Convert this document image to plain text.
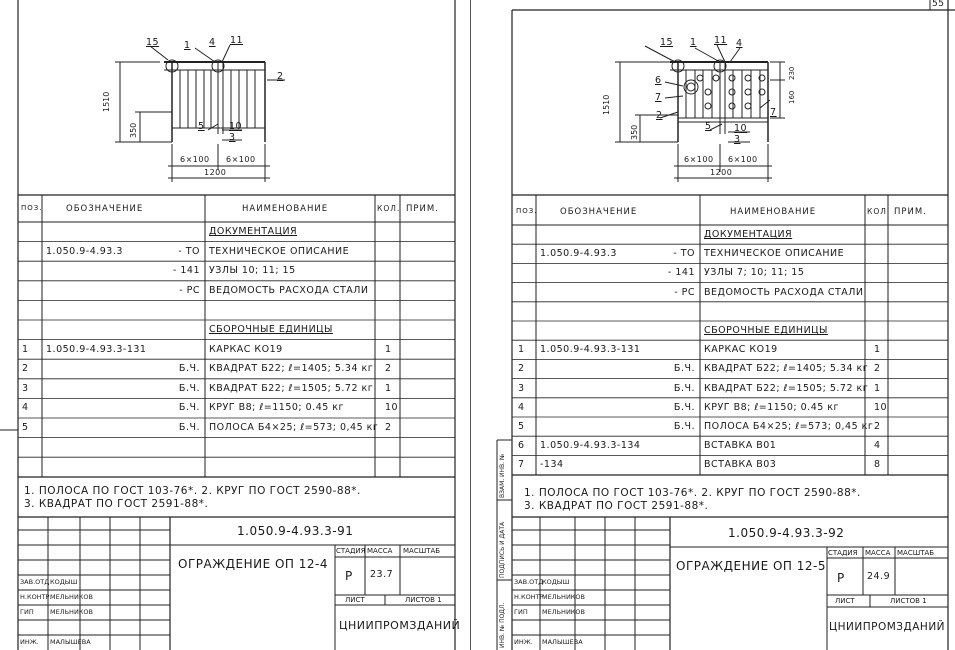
15	1 4 11
2
5	10
3
1510
350
6×100 6×100
1200
ПОЗ.	ОБОЗНАЧЕНИЕ	НАИМЕНОВАНИЕ	КОЛ. ПРИМ.
ДОКУМЕНТАЦИЯ
1.050.9-4.93.3	- ТО ТЕХНИЧЕСКОЕ ОПИСАНИЕ
- 141 УЗЛЫ 10; 11; 15
- РС ВЕДОМОСТЬ РАСХОДА СТАЛИ
СБОРОЧНЫЕ ЕДИНИЦЫ
1 1.050.9-4.93.3-131	КАРКАС КО19	1
2	Б.Ч. КВАДРАТ Б22; ℓ=1405; 5.34 кг 2
3	Б.Ч. КВАДРАТ Б22; ℓ=1505; 5.72 кг 1
4	Б.Ч. КРУГ В8; ℓ=1150; 0.45 кг	10
5	Б.Ч. ПОЛОСА Б4×25; ℓ=573; 0,45 кг 2
1. ПОЛОСА ПО ГОСТ 103-76*. 2. КРУГ ПО ГОСТ 2590-88*.
3. КВАДРАТ ПО ГОСТ 2591-88*.
1.050.9-4.93.3-91
ОГРАЖДЕНИЕ ОП 12-4
СТАДИЯ МАССА МАСШТАБ
Р 23.7
ЛИСТ	ЛИСТОВ 1
ЦНИИПРОМЗДАНИЙ
ЗАВ.ОТД КОДЫШ
Н.КОНТР.
МЕЛЬНИКОВ
ГИП	МЕЛЬНИКОВ
ИНЖ. МАЛЫШЕВА
55
15 1 11 4
6
7
2
5 10
3
7
1510
350
6×100 6×100
1200
230
160
ПОЗ.	ОБОЗНАЧЕНИЕ	НАИМЕНОВАНИЕ	КОЛ. ПРИМ.
ДОКУМЕНТАЦИЯ
1.050.9-4.93.3	- ТО ТЕХНИЧЕСКОЕ ОПИСАНИЕ
- 141 УЗЛЫ 7; 10; 11; 15
- РС ВЕДОМОСТЬ РАСХОДА СТАЛИ
СБОРОЧНЫЕ ЕДИНИЦЫ
1 1.050.9-4.93.3-131	КАРКАС КО19	1
2	Б.Ч. КВАДРАТ Б22; ℓ=1405; 5.34 кг 2
3	Б.Ч. КВАДРАТ Б22; ℓ=1505; 5.72 кг 1
4	Б.Ч. КРУГ В8; ℓ=1150; 0.45 кг	10
5	Б.Ч. ПОЛОСА Б4×25; ℓ=573; 0,45 кг 2
6 1.050.9-4.93.3-134	ВСТАВКА В01	4
7 -134	ВСТАВКА В03	8
1. ПОЛОСА ПО ГОСТ 103-76*. 2. КРУГ ПО ГОСТ 2590-88*.
3. КВАДРАТ ПО ГОСТ 2591-88*.
1.050.9-4.93.3-92
ОГРАЖДЕНИЕ ОП 12-5
СТАДИЯ МАССА МАСШТАБ
Р 24.9
ЛИСТ	ЛИСТОВ 1
ЦНИИПРОМЗДАНИЙ
ВЗАМ. ИНВ. №
ПОДПИСЬ И ДАТА
ИНВ. № ПОДЛ.
ЗАВ.ОТД
КОДЫШ
Н.КОНТР.
МЕЛЬНИКОВ
ГИП МЕЛЬНИКОВ
ИНЖ. МАЛЫШЕВА
